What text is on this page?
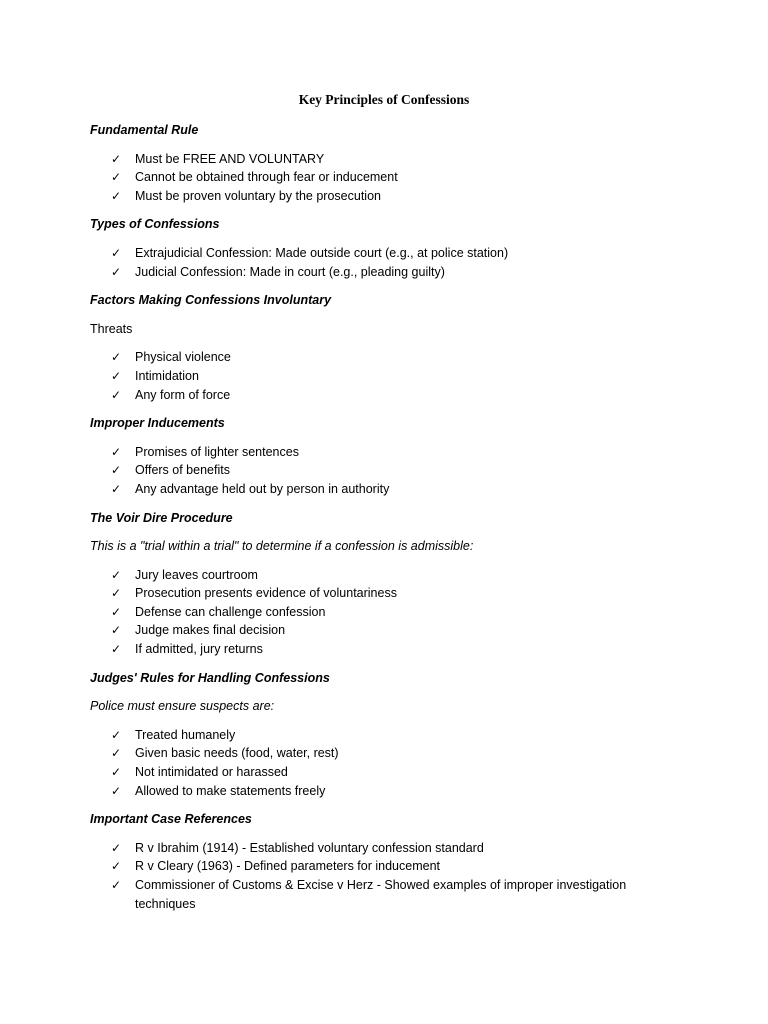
Key Principles of Confessions
Fundamental Rule
✓ Must be FREE AND VOLUNTARY
✓ Cannot be obtained through fear or inducement
✓ Must be proven voluntary by the prosecution
Types of Confessions
✓ Extrajudicial Confession: Made outside court (e.g., at police station)
✓ Judicial Confession: Made in court (e.g., pleading guilty)
Factors Making Confessions Involuntary
Threats
✓ Physical violence
✓ Intimidation
✓ Any form of force
Improper Inducements
✓ Promises of lighter sentences
✓ Offers of benefits
✓ Any advantage held out by person in authority
The Voir Dire Procedure
This is a "trial within a trial" to determine if a confession is admissible:
✓ Jury leaves courtroom
✓ Prosecution presents evidence of voluntariness
✓ Defense can challenge confession
✓ Judge makes final decision
✓ If admitted, jury returns
Judges' Rules for Handling Confessions
Police must ensure suspects are:
✓ Treated humanely
✓ Given basic needs (food, water, rest)
✓ Not intimidated or harassed
✓ Allowed to make statements freely
Important Case References
✓ R v Ibrahim (1914) - Established voluntary confession standard
✓ R v Cleary (1963) - Defined parameters for inducement
✓ Commissioner of Customs & Excise v Herz - Showed examples of improper investigation techniques
